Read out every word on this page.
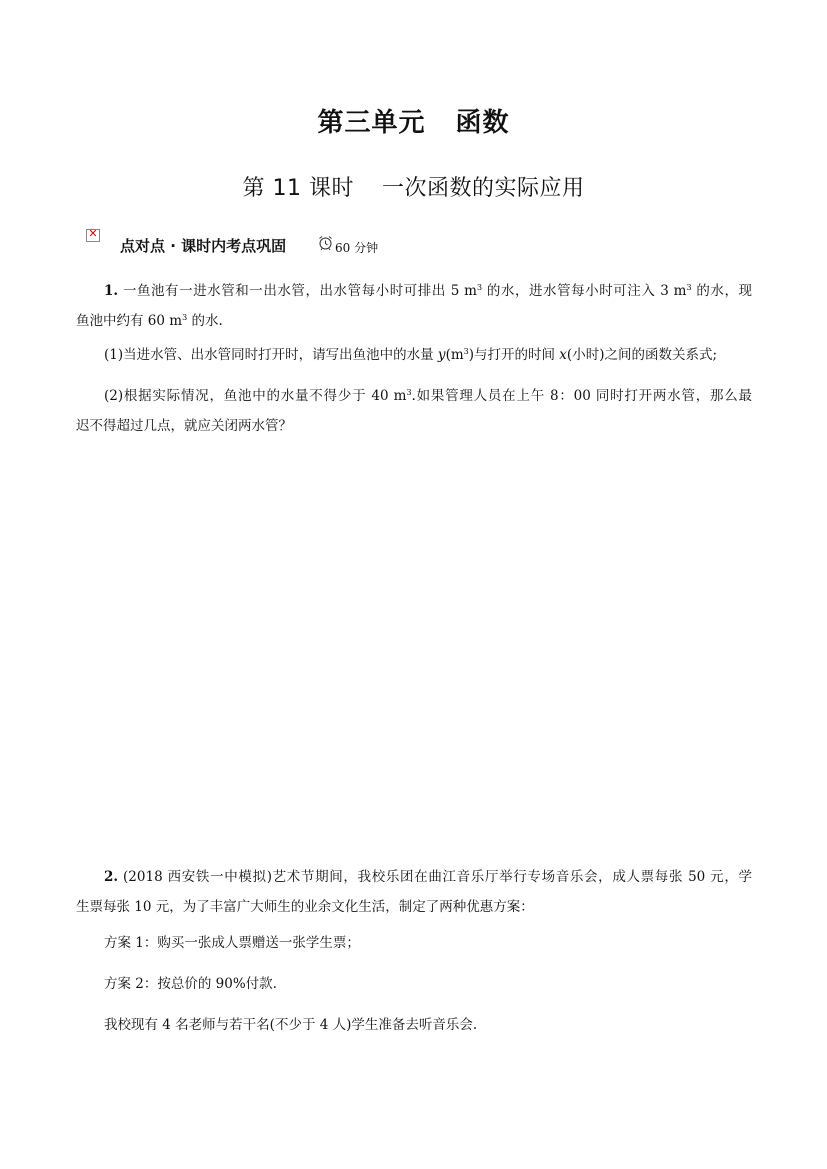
第三单元 函数
第 11 课时 一次函数的实际应用
✕
点对点 · 课时内考点巩固	60 分钟
1. 一鱼池有一进水管和一出水管，出水管每小时可排出 5 $m^3$ 的水，进水管每小时可注入 3 $m^3$ 的水，现
鱼池中约有 60 $m^3$ 的水.
(1)当进水管、出水管同时打开时，请写出鱼池中的水量 $y(m^3)$与打开的时间 x(小时)之间的函数关系式;
(2)根据实际情况，鱼池中的水量不得少于 40 $m^3$.如果管理人员在上午 8：00 同时打开两水管，那么最
迟不得超过几点，就应关闭两水管？
2. (2018 西安铁一中模拟)艺术节期间，我校乐团在曲江音乐厅举行专场音乐会，成人票每张 50 元，学
生票每张 10 元，为了丰富广大师生的业余文化生活，制定了两种优惠方案：
方案 1：购买一张成人票赠送一张学生票；
方案 2：按总价的 90%付款.
我校现有 4 名老师与若干名(不少于 4 人)学生准备去听音乐会.
